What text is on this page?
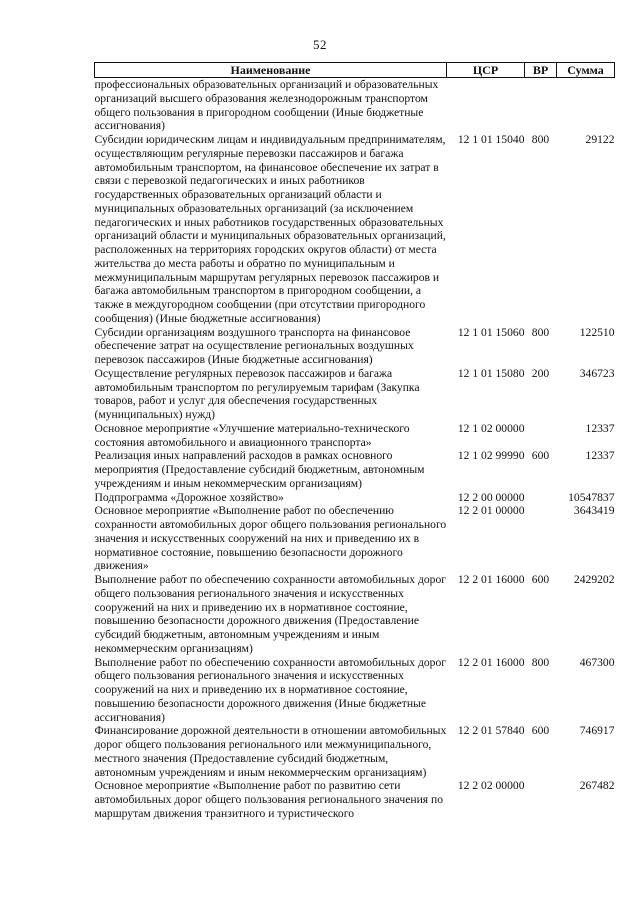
52
Наименование	ЦСР	ВР	Сумма
профессиональных образовательных организаций и образовательных организаций высшего образования железнодорожным транспортом общего пользования в пригородном сообщении (Иные бюджетные ассигнования)			
Субсидии юридическим лицам и индивидуальным предпринимателям, осуществляющим регулярные перевозки пассажиров и багажа автомобильным транспортом, на финансовое обеспечение их затрат в связи с перевозкой педагогических и иных работников государственных образовательных организаций области и муниципальных образовательных организаций (за исключением педагогических и иных работников государственных образовательных организаций области и муниципальных образовательных организаций, расположенных на территориях городских округов области) от места жительства до места работы и обратно по муниципальным и межмуниципальным маршрутам регулярных перевозок пассажиров и багажа автомобильным транспортом в пригородном сообщении, а также в междугородном сообщении (при отсутствии пригородного сообщения) (Иные бюджетные ассигнования)	12 1 01 15040	800	29122
Субсидии организациям воздушного транспорта на финансовое обеспечение затрат на осуществление региональных воздушных перевозок пассажиров (Иные бюджетные ассигнования)	12 1 01 15060	800	122510
Осуществление регулярных перевозок пассажиров и багажа автомобильным транспортом по регулируемым тарифам (Закупка товаров, работ и услуг для обеспечения государственных (муниципальных) нужд)	12 1 01 15080	200	346723
Основное мероприятие «Улучшение материально-технического состояния автомобильного и авиационного транспорта»	12 1 02 00000		12337
Реализация иных направлений расходов в рамках основного мероприятия (Предоставление субсидий бюджетным, автономным учреждениям и иным некоммерческим организациям)	12 1 02 99990	600	12337
Подпрограмма «Дорожное хозяйство»	12 2 00 00000		10547837
Основное мероприятие «Выполнение работ по обеспечению сохранности автомобильных дорог общего пользования регионального значения и искусственных сооружений на них и приведению их в нормативное состояние, повышению безопасности дорожного движения»	12 2 01 00000		3643419
Выполнение работ по обеспечению сохранности автомобильных дорог общего пользования регионального значения и искусственных сооружений на них и приведению их в нормативное состояние, повышению безопасности дорожного движения (Предоставление субсидий бюджетным, автономным учреждениям и иным некоммерческим организациям)	12 2 01 16000	600	2429202
Выполнение работ по обеспечению сохранности автомобильных дорог общего пользования регионального значения и искусственных сооружений на них и приведению их в нормативное состояние, повышению безопасности дорожного движения (Иные бюджетные ассигнования)	12 2 01 16000	800	467300
Финансирование дорожной деятельности в отношении автомобильных дорог общего пользования регионального или межмуниципального, местного значения (Предоставление субсидий бюджетным, автономным учреждениям и иным некоммерческим организациям)	12 2 01 57840	600	746917
Основное мероприятие «Выполнение работ по развитию сети автомобильных дорог общего пользования регионального значения по маршрутам движения транзитного и туристического	12 2 02 00000		267482
